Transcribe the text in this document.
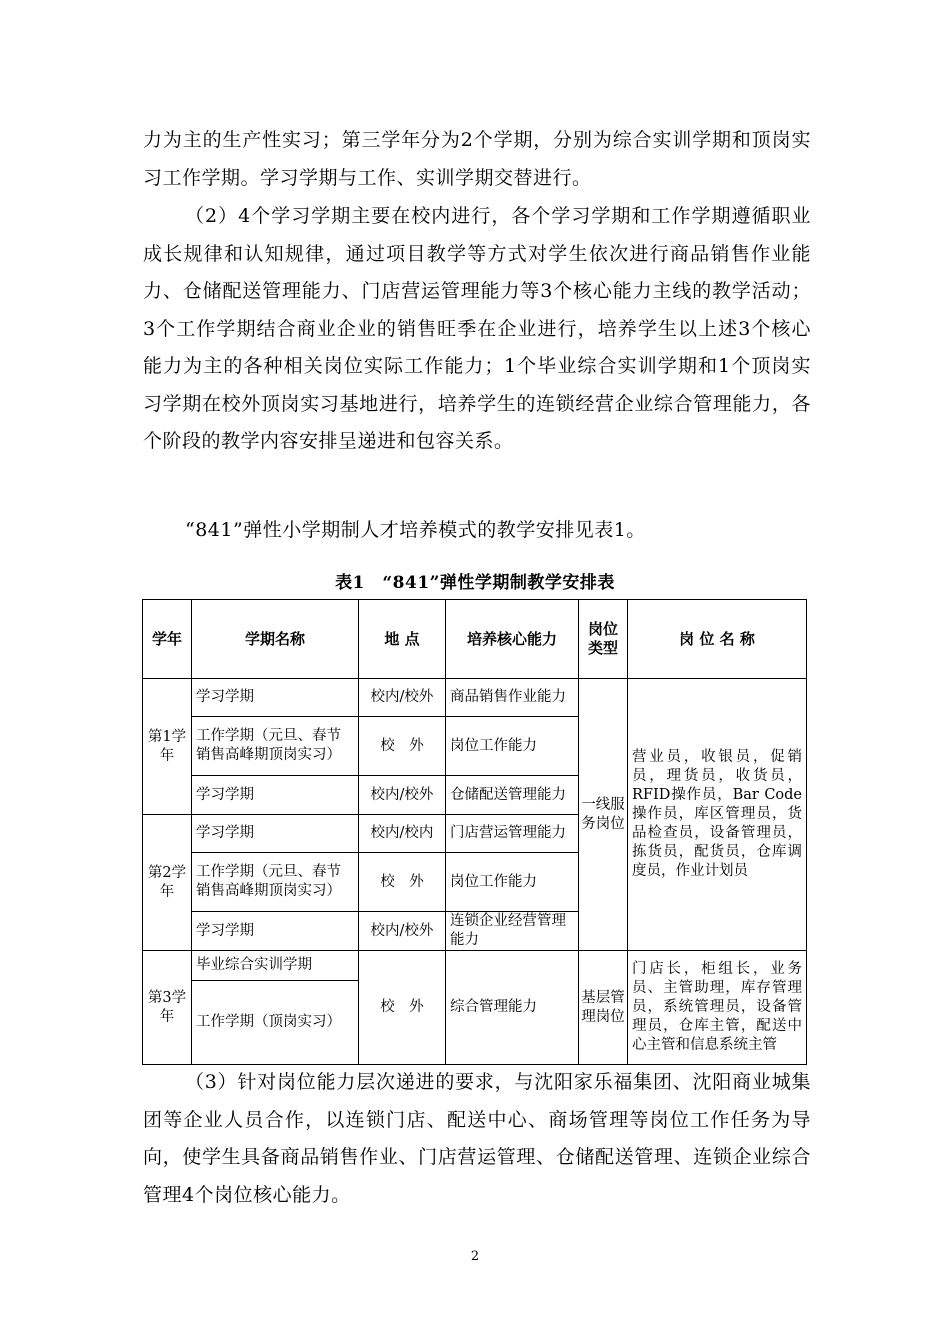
力为主的生产性实习；第三学年分为2个学期，分别为综合实训学期和顶岗实习工作学期。学习学期与工作、实训学期交替进行。
（2）4个学习学期主要在校内进行，各个学习学期和工作学期遵循职业成长规律和认知规律，通过项目教学等方式对学生依次进行商品销售作业能力、仓储配送管理能力、门店营运管理能力等3个核心能力主线的教学活动；3个工作学期结合商业企业的销售旺季在企业进行，培养学生以上述3个核心能力为主的各种相关岗位实际工作能力；1个毕业综合实训学期和1个顶岗实习学期在校外顶岗实习基地进行，培养学生的连锁经营企业综合管理能力，各个阶段的教学内容安排呈递进和包容关系。
“841”弹性小学期制人才培养模式的教学安排见表1。
表1　“841”弹性学期制教学安排表
学年	学期名称	地 点	培养核心能力	岗位类型	岗 位 名 称
第1学年	学习学期	校内/校外	商品销售作业能力	一线服务岗位	营业员，收银员，促销员，理货员，收货员，RFID操作员，Bar Code操作员，库区管理员，货品检查员，设备管理员，拣货员，配货员，仓库调度员，作业计划员
	工作学期（元旦、春节销售高峰期顶岗实习）	校　外	岗位工作能力		
	学习学期	校内/校外	仓储配送管理能力		
第2学年	学习学期	校内/校内	门店营运管理能力		
	工作学期（元旦、春节销售高峰期顶岗实习）	校　外	岗位工作能力		
	学习学期	校内/校外	连锁企业经营管理能力		
第3学年	毕业综合实训学期	校　外	综合管理能力	基层管理岗位	门店长，柜组长，业务员、主管助理，库存管理员，系统管理员，设备管理员，仓库主管，配送中心主管和信息系统主管
	工作学期（顶岗实习）				
（3）针对岗位能力层次递进的要求，与沈阳家乐福集团、沈阳商业城集团等企业人员合作，以连锁门店、配送中心、商场管理等岗位工作任务为导向，使学生具备商品销售作业、门店营运管理、仓储配送管理、连锁企业综合管理4个岗位核心能力。
2
